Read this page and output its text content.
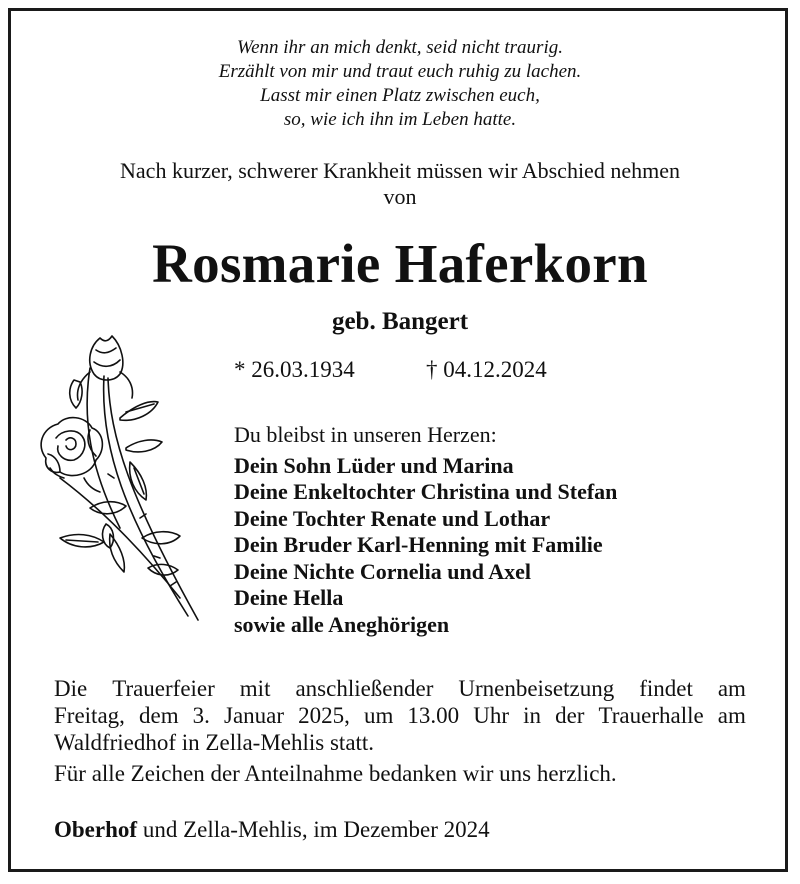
Wenn ihr an mich denkt, seid nicht traurig.
Erzählt von mir und traut euch ruhig zu lachen.
Lasst mir einen Platz zwischen euch,
so, wie ich ihn im Leben hatte.
Nach kurzer, schwerer Krankheit müssen wir Abschied nehmen
von
Rosmarie Haferkorn
geb. Bangert
* 26.03.1934	† 04.12.2024
Du bleibst in unseren Herzen:
Dein Sohn Lüder und Marina
Deine Enkeltochter Christina und Stefan
Deine Tochter Renate und Lothar
Dein Bruder Karl-Henning mit Familie
Deine Nichte Cornelia und Axel
Deine Hella
sowie alle Aneghörigen
Die Trauerfeier mit anschließender Urnenbeisetzung findet am
Freitag, dem 3. Januar 2025, um 13.00 Uhr in der Trauerhalle am
Waldfriedhof in Zella-Mehlis statt.
Für alle Zeichen der Anteilnahme bedanken wir uns herzlich.
Oberhof und Zella-Mehlis, im Dezember 2024
